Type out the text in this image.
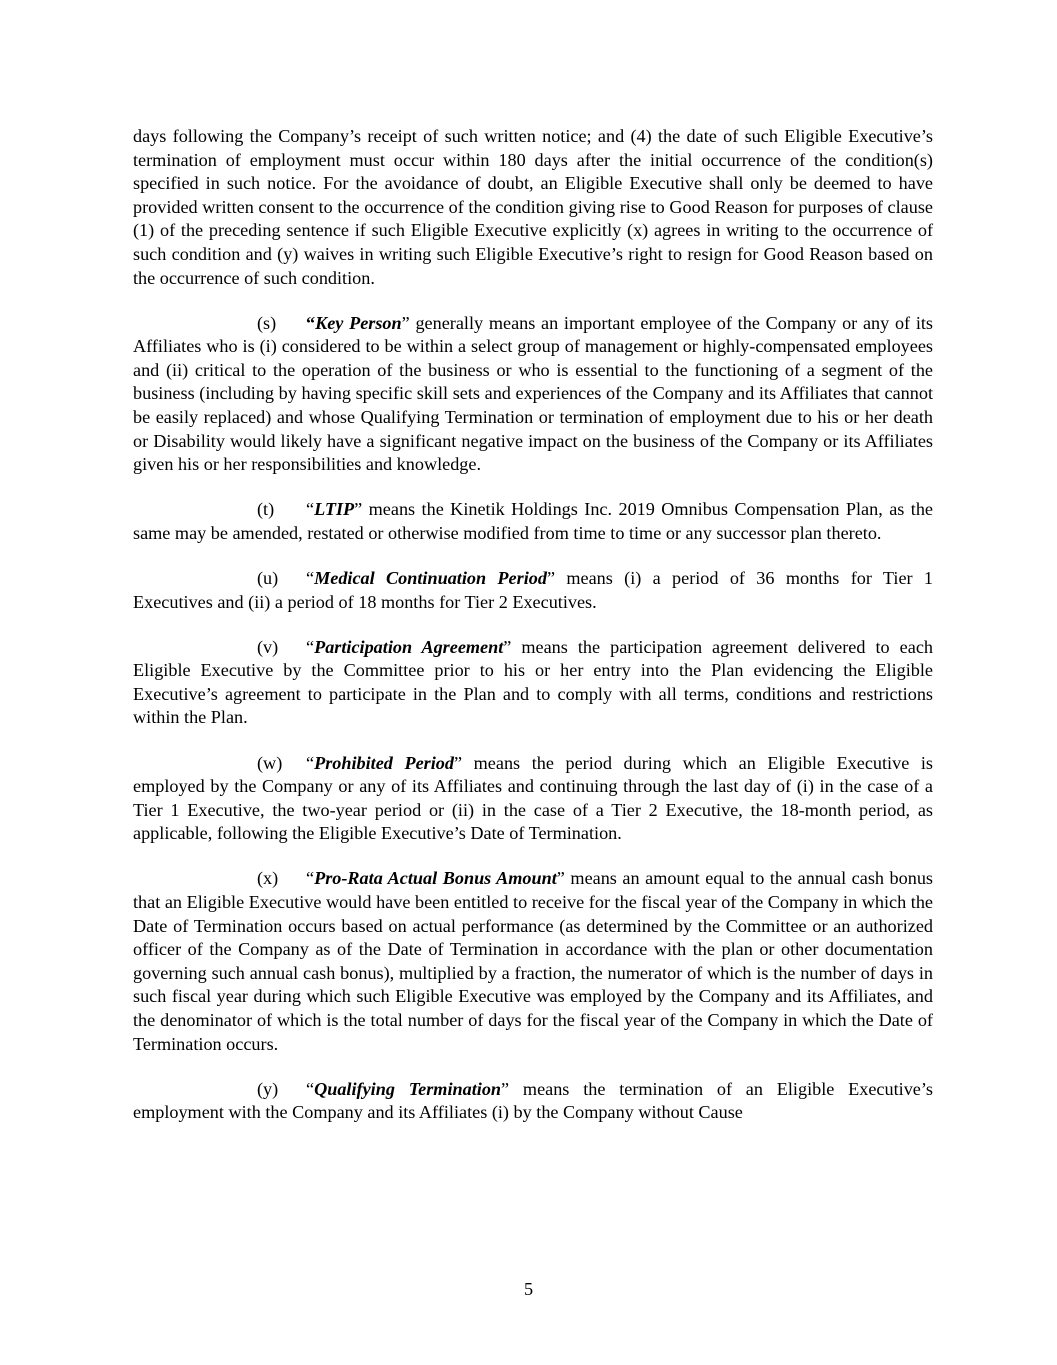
days following the Company’s receipt of such written notice; and (4) the date of such Eligible Executive’s termination of employment must occur within 180 days after the initial occurrence of the condition(s) specified in such notice. For the avoidance of doubt, an Eligible Executive shall only be deemed to have provided written consent to the occurrence of the condition giving rise to Good Reason for purposes of clause (1) of the preceding sentence if such Eligible Executive explicitly (x) agrees in writing to the occurrence of such condition and (y) waives in writing such Eligible Executive’s right to resign for Good Reason based on the occurrence of such condition.

(s) “Key Person” generally means an important employee of the Company or any of its Affiliates who is (i) considered to be within a select group of management or highly-compensated employees and (ii) critical to the operation of the business or who is essential to the functioning of a segment of the business (including by having specific skill sets and experiences of the Company and its Affiliates that cannot be easily replaced) and whose Qualifying Termination or termination of employment due to his or her death or Disability would likely have a significant negative impact on the business of the Company or its Affiliates given his or her responsibilities and knowledge.

(t) “LTIP” means the Kinetik Holdings Inc. 2019 Omnibus Compensation Plan, as the same may be amended, restated or otherwise modified from time to time or any successor plan thereto.

(u) “Medical Continuation Period” means (i) a period of 36 months for Tier 1 Executives and (ii) a period of 18 months for Tier 2 Executives.

(v) “Participation Agreement” means the participation agreement delivered to each Eligible Executive by the Committee prior to his or her entry into the Plan evidencing the Eligible Executive’s agreement to participate in the Plan and to comply with all terms, conditions and restrictions within the Plan.

(w) “Prohibited Period” means the period during which an Eligible Executive is employed by the Company or any of its Affiliates and continuing through the last day of (i) in the case of a Tier 1 Executive, the two-year period or (ii) in the case of a Tier 2 Executive, the 18-month period, as applicable, following the Eligible Executive’s Date of Termination.

(x) “Pro-Rata Actual Bonus Amount” means an amount equal to the annual cash bonus that an Eligible Executive would have been entitled to receive for the fiscal year of the Company in which the Date of Termination occurs based on actual performance (as determined by the Committee or an authorized officer of the Company as of the Date of Termination in accordance with the plan or other documentation governing such annual cash bonus), multiplied by a fraction, the numerator of which is the number of days in such fiscal year during which such Eligible Executive was employed by the Company and its Affiliates, and the denominator of which is the total number of days for the fiscal year of the Company in which the Date of Termination occurs.

(y) “Qualifying Termination” means the termination of an Eligible Executive’s employment with the Company and its Affiliates (i) by the Company without Cause

5
